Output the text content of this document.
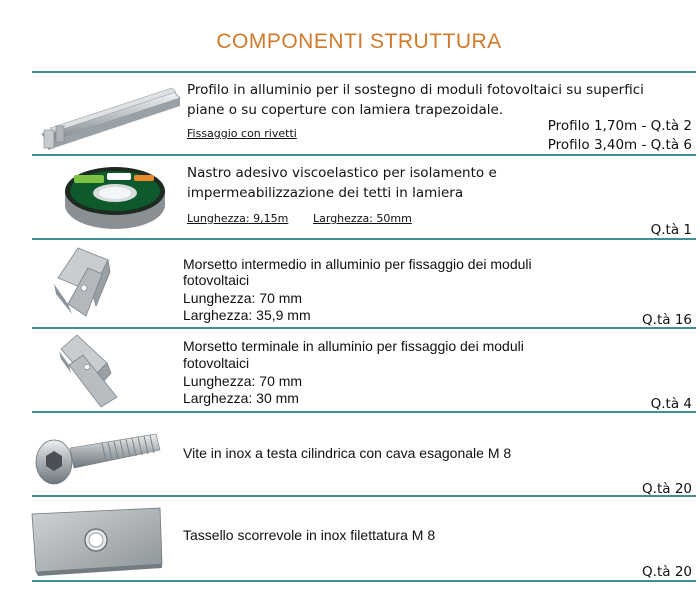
COMPONENTI STRUTTURA
Profilo in alluminio per il sostegno di moduli fotovoltaici su superfici piane o su coperture con lamiera trapezoidale.
Fissaggio con rivetti	Profilo 1,70m - Q.tà 2
Profilo 3,40m - Q.tà 6
Nastro adesivo viscoelastico per isolamento e impermeabilizzazione dei tetti in lamiera
Lunghezza: 9,15m Larghezza: 50mm
Q.tà 1
Morsetto intermedio in alluminio per fissaggio dei moduli
fotovoltaici
Lunghezza: 70 mm
Larghezza: 35,9 mm	Q.tà 16
Morsetto terminale in alluminio per fissaggio dei moduli
fotovoltaici
Lunghezza: 70 mm
Larghezza: 30 mm	Q.tà 4
Vite in inox a testa cilindrica con cava esagonale M 8
Q.tà 20
Tassello scorrevole in inox filettatura M 8
Q.tà 20
